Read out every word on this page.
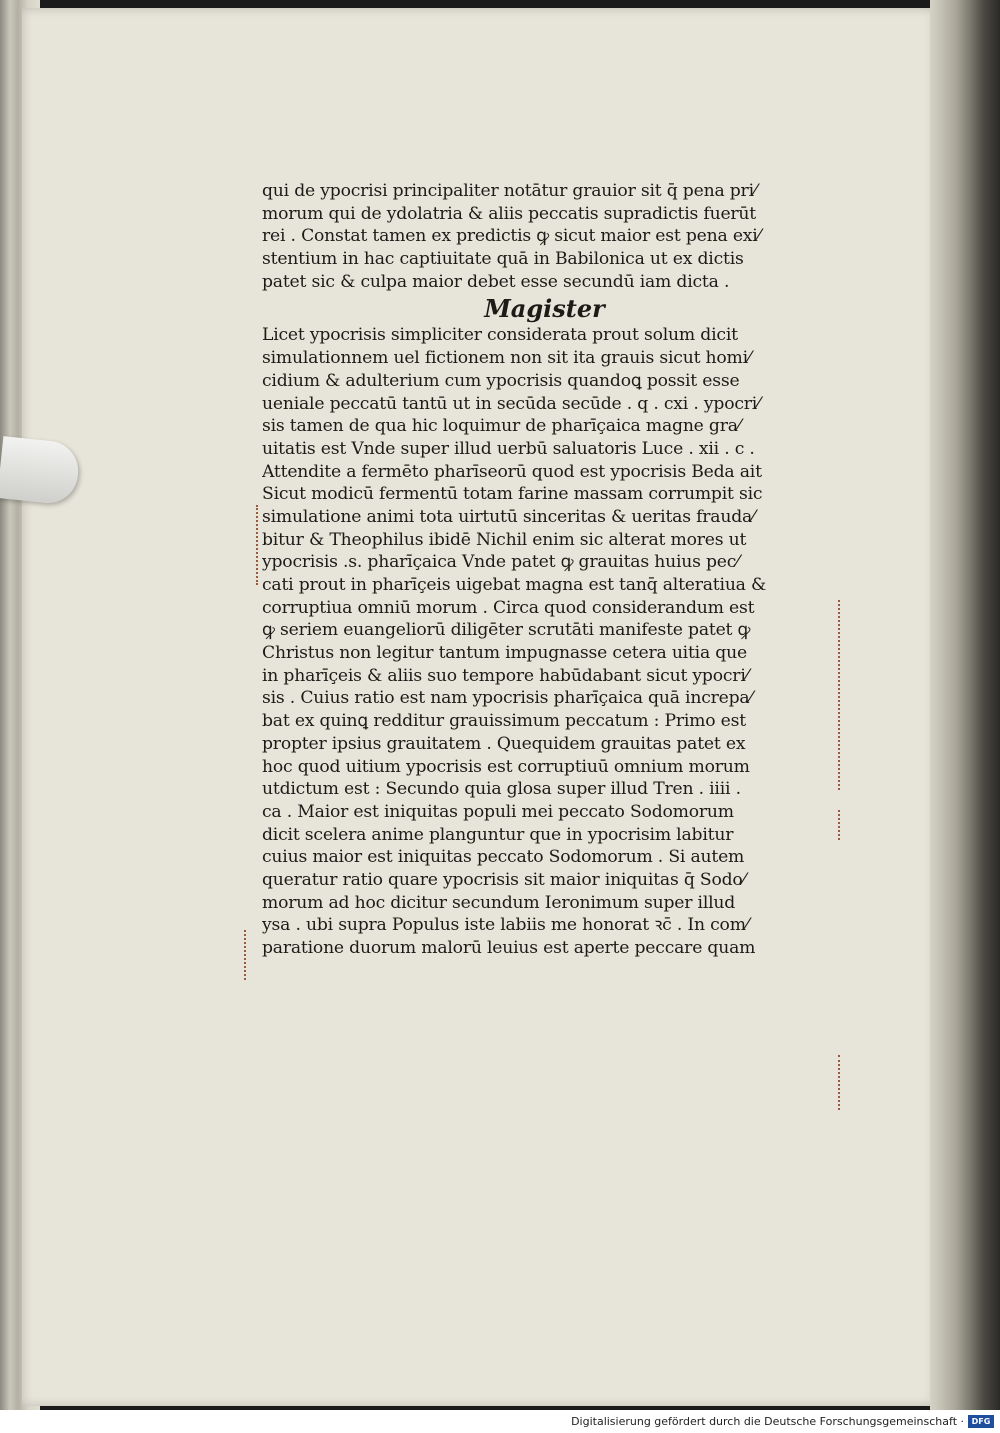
qui de ypocrisi principaliter notātur grauior sit q̄ pena pri⁄
morum qui de ydolatria & aliis peccatis supradictis fuerūt
rei . Constat tamen ex predictis ꝙ sicut maior est pena exi⁄
stentium in hac captiuitate quā in Babilonica ut ex dictis
patet sic & culpa maior debet esse secundū iam dicta .
Magister
Licet ypocrisis simpliciter considerata prout solum dicit
simulationnem uel fictionem non sit ita grauis sicut homi⁄
cidium & adulterium cum ypocrisis quandoꝗ possit esse
ueniale peccatū tantū ut in secūda secūde . q . cxi . ypocri⁄
sis tamen de qua hic loquimur de pharīçaica magne gra⁄
uitatis est Vnde super illud uerbū saluatoris Luce . xii . c .
Attendite a fermēto pharīseorū quod est ypocrisis Beda ait
Sicut modicū fermentū totam farine massam corrumpit sic
simulatione animi tota uirtutū sinceritas & ueritas frauda⁄
bitur & Theophilus ibidē Nichil enim sic alterat mores ut
ypocrisis .s. pharīçaica Vnde patet ꝙ grauitas huius pec⁄
cati prout in pharīçeis uigebat magna est tanq̄ alteratiua &
corruptiua omniū morum . Circa quod considerandum est
ꝙ seriem euangeliorū diligēter scrutāti manifeste patet ꝙ
Christus non legitur tantum impugnasse cetera uitia que
in pharīçeis & aliis suo tempore habūdabant sicut ypocri⁄
sis . Cuius ratio est nam ypocrisis pharīçaica quā increpa⁄
bat ex quinꝗ redditur grauissimum peccatum : Primo est
propter ipsius grauitatem . Quequidem grauitas patet ex
hoc quod uitium ypocrisis est corruptiuū omnium morum
utdictum est : Secundo quia glosa super illud Tren . iiii .
ca . Maior est iniquitas populi mei peccato Sodomorum
dicit scelera anime planguntur que in ypocrisim labitur
cuius maior est iniquitas peccato Sodomorum . Si autem
queratur ratio quare ypocrisis sit maior iniquitas q̄ Sodo⁄
morum ad hoc dicitur secundum Ieronimum super illud
ysa . ubi supra Populus iste labiis me honorat ꝛc̄ . In com⁄
paratione duorum malorū leuius est aperte peccare quam
Digitalisierung gefördert durch die Deutsche Forschungsgemeinschaft · DFG
